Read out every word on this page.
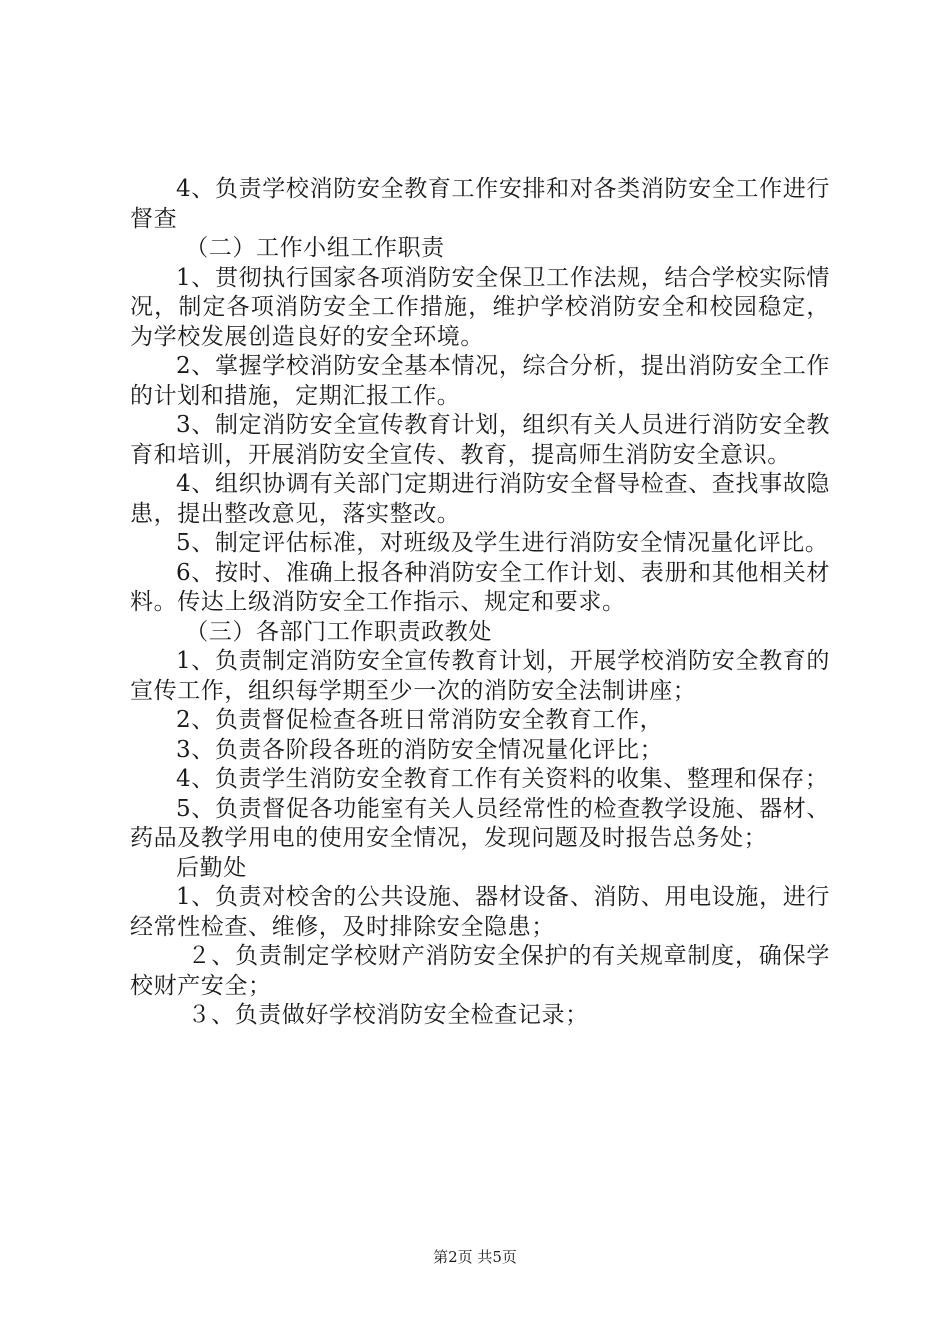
4、负责学校消防安全教育工作安排和对各类消防安全工作进行督查

（二）工作小组工作职责

1、贯彻执行国家各项消防安全保卫工作法规，结合学校实际情况，制定各项消防安全工作措施，维护学校消防安全和校园稳定，为学校发展创造良好的安全环境。

2、掌握学校消防安全基本情况，综合分析，提出消防安全工作的计划和措施，定期汇报工作。

3、制定消防安全宣传教育计划，组织有关人员进行消防安全教育和培训，开展消防安全宣传、教育，提高师生消防安全意识。

4、组织协调有关部门定期进行消防安全督导检查、查找事故隐患，提出整改意见，落实整改。

5、制定评估标准，对班级及学生进行消防安全情况量化评比。

6、按时、准确上报各种消防安全工作计划、表册和其他相关材料。传达上级消防安全工作指示、规定和要求。

（三）各部门工作职责政教处

1、负责制定消防安全宣传教育计划，开展学校消防安全教育的宣传工作，组织每学期至少一次的消防安全法制讲座；

2、负责督促检查各班日常消防安全教育工作，

3、负责各阶段各班的消防安全情况量化评比；

4、负责学生消防安全教育工作有关资料的收集、整理和保存；

5、负责督促各功能室有关人员经常性的检查教学设施、器材、药品及教学用电的使用安全情况，发现问题及时报告总务处；

后勤处

1、负责对校舍的公共设施、器材设备、消防、用电设施，进行经常性检查、维修，及时排除安全隐患；

２、负责制定学校财产消防安全保护的有关规章制度，确保学校财产安全；

３、负责做好学校消防安全检查记录；

第2页 共5页
